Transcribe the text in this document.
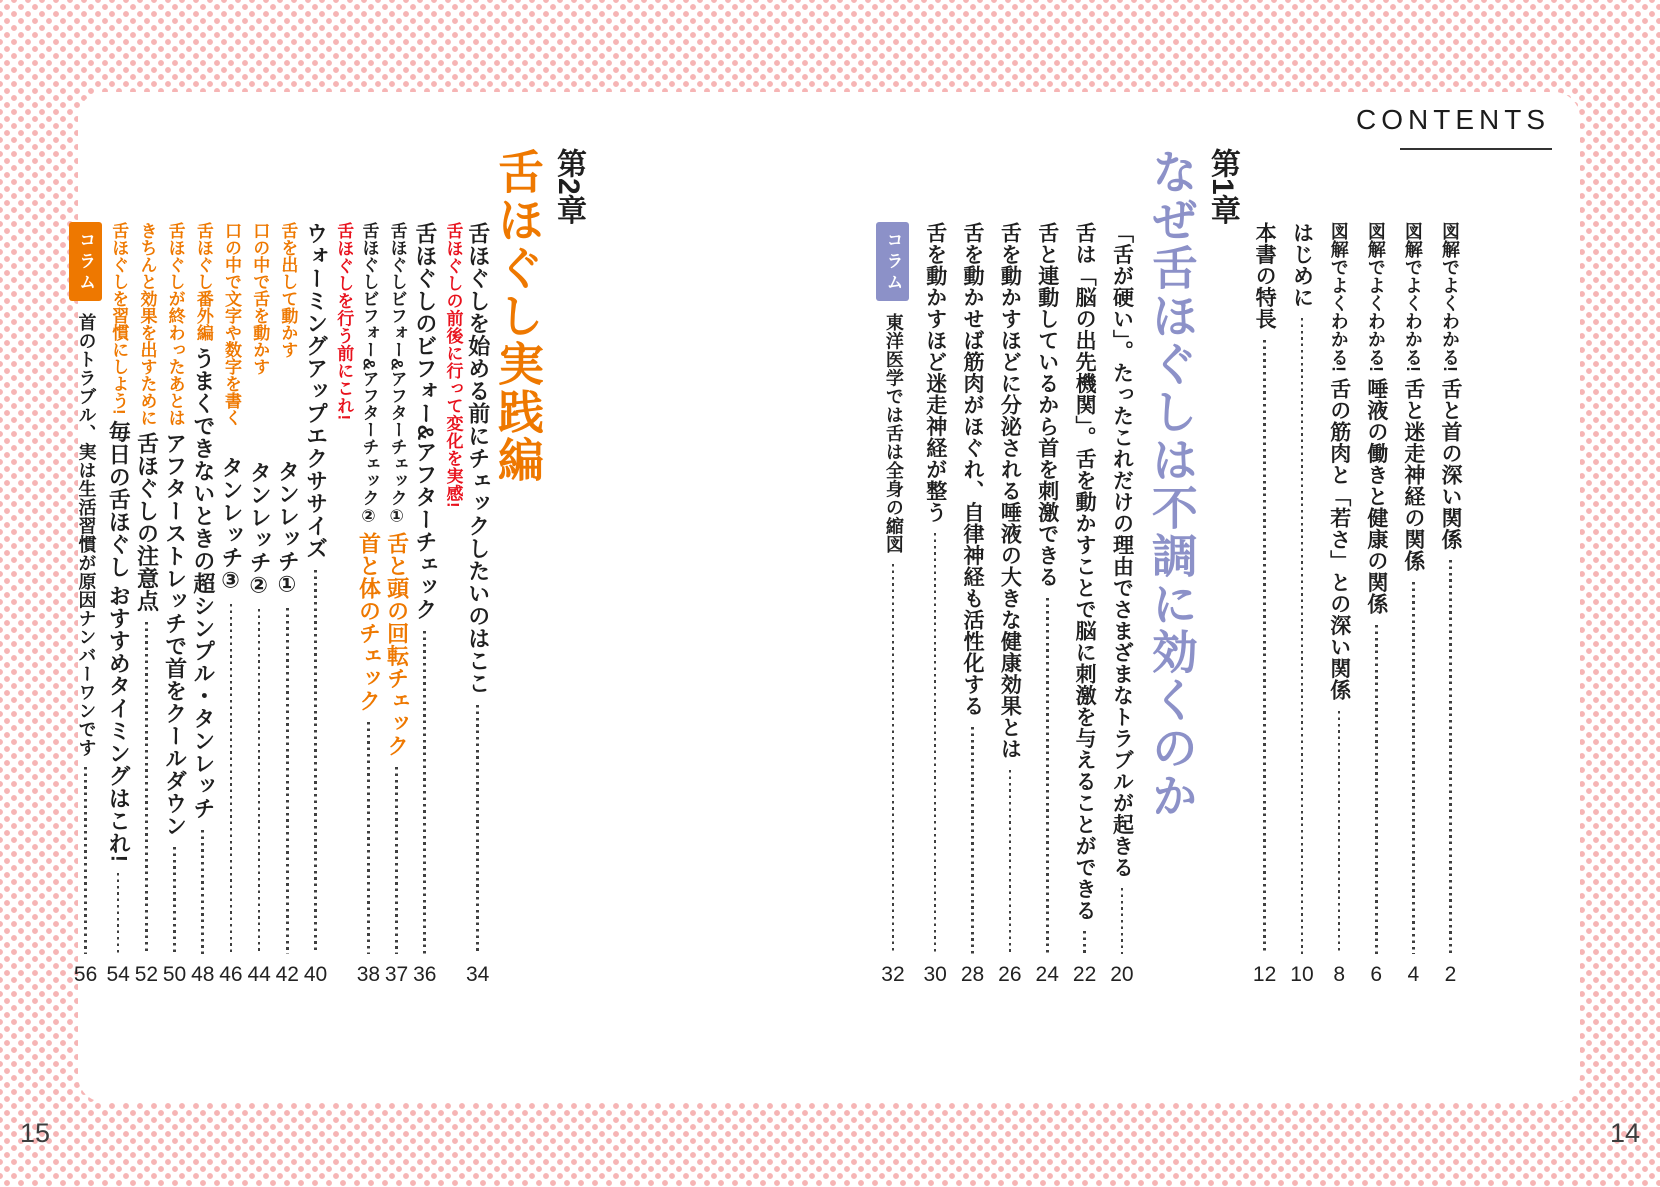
CONTENTS
図解でよくわかる!舌と首の深い関係
2
図解でよくわかる!舌と迷走神経の関係
4
図解でよくわかる!唾液の働きと健康の関係
6
図解でよくわかる!舌の筋肉と「若さ」との深い関係
8
はじめに
10
本書の特長
12
第1章
なぜ舌ほぐしは不調に効くのか
「舌が硬い」。たったこれだけの理由でさまざまなトラブルが起きる
20
舌は「脳の出先機関」。舌を動かすことで脳に刺激を与えることができる
22
舌と連動しているから首を刺激できる
24
舌を動かすほどに分泌される唾液の大きな健康効果とは
26
舌を動かせば筋肉がほぐれ、自律神経も活性化する
28
舌を動かすほど迷走神経が整う
30
コラム
東洋医学では舌は全身の縮図
32
第2章
舌ほぐし実践編
舌ほぐしを始める前にチェックしたいのはここ
34
舌ほぐしの前後に行って変化を実感!
舌ほぐしのビフォー&アフターチェック
36
舌ほぐしビフォー&アフターチェック①舌と頭の回転チェック
37
舌ほぐしビフォー&アフターチェック②首と体のチェック
38
舌ほぐしを行う前にこれ!
ウォーミングアップエクササイズ
40
舌を出して動かすタンレッチ①
42
口の中で舌を動かすタンレッチ②
44
口の中で文字や数字を書くタンレッチ③
46
舌ほぐし番外編うまくできないときの超シンプル・タンレッチ
48
舌ほぐしが終わったあとはアフターストレッチで首をクールダウン
50
きちんと効果を出すために舌ほぐしの注意点
52
舌ほぐしを習慣にしよう!毎日の舌ほぐし おすすめタイミングはこれ!
54
コラム
首のトラブル、実は生活習慣が原因ナンバーワンです
56
15	14
